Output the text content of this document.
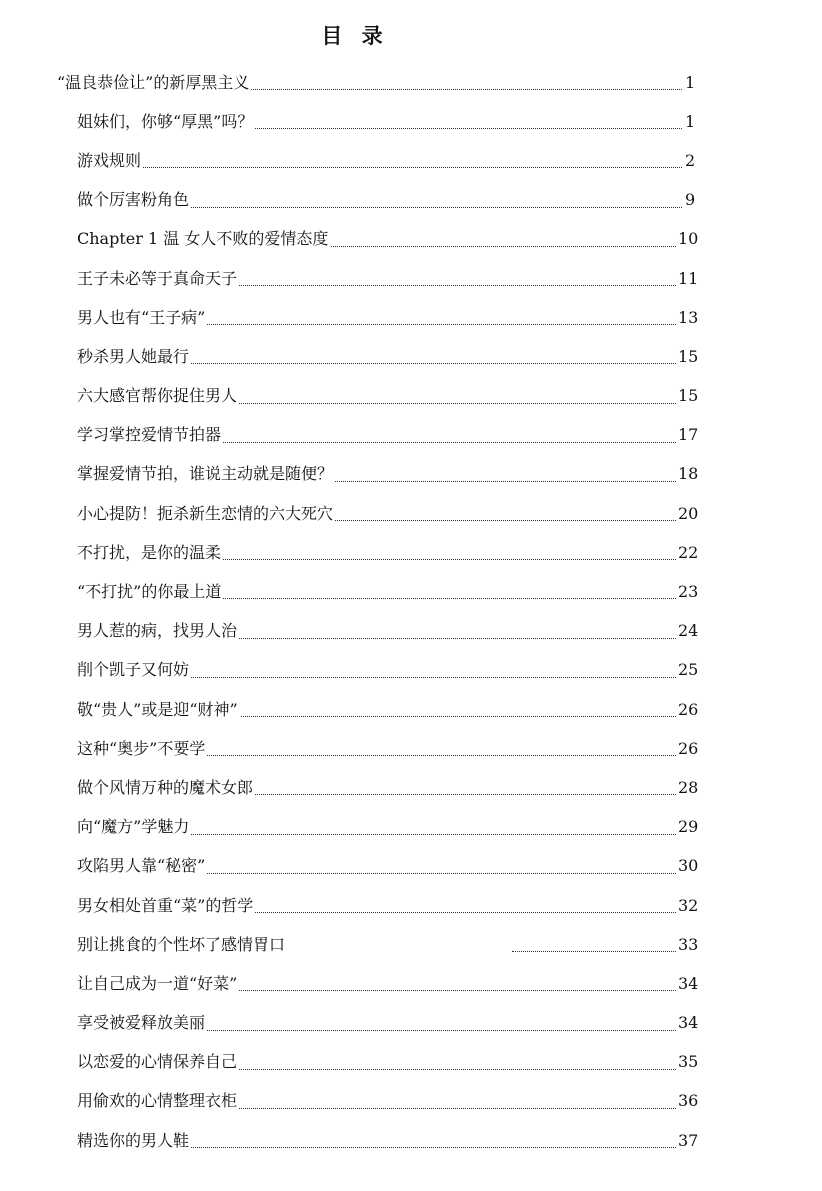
目 录
“温良恭俭让”的新厚黑主义	1
姐妹们，你够“厚黑”吗？	1
游戏规则	2
做个厉害粉角色	9
Chapter 1 温 女人不败的爱情态度	10
王子未必等于真命天子	11
男人也有“王子病”	13
秒杀男人她最行	15
六大感官帮你捉住男人	15
学习掌控爱情节拍器	17
掌握爱情节拍，谁说主动就是随便？	18
小心提防！扼杀新生恋情的六大死穴	20
不打扰，是你的温柔	22
“不打扰”的你最上道	23
男人惹的病，找男人治	24
削个凯子又何妨	25
敬“贵人”或是迎“财神”	26
这种“奥步”不要学	26
做个风情万种的魔术女郎	28
向“魔方”学魅力	29
攻陷男人靠“秘密”	30
男女相处首重“菜”的哲学	32
别让挑食的个性坏了感情胃口	33
让自己成为一道“好菜”	34
享受被爱释放美丽	34
以恋爱的心情保养自己	35
用偷欢的心情整理衣柜	36
精选你的男人鞋	37
